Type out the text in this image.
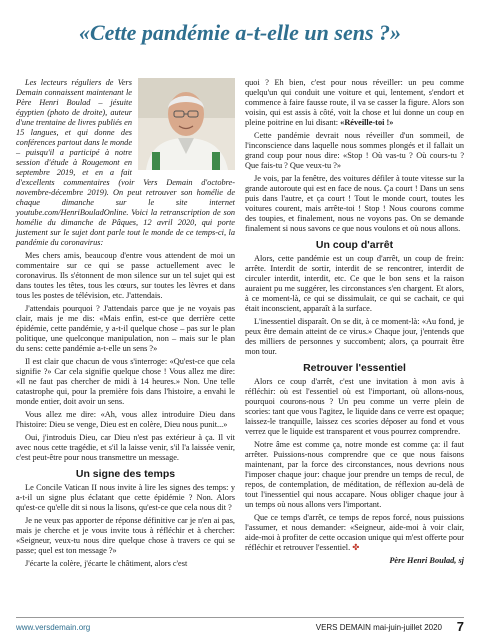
«Cette pandémie a-t-elle un sens ?»

Les lecteurs réguliers de Vers Demain connaissent maintenant le Père Henri Boulad – jésuite égyptien (photo de droite), auteur d'une trentaine de livres publiés en 15 langues, et qui donne des conférences partout dans le monde – puisqu'il a participé à notre session d'étude à Rougemont en septembre 2019, et en a fait d'excellents commentaires (voir Vers Demain d'octobre-novembre-décembre 2019). On peut retrouver son homélie de chaque dimanche sur le site internet youtube.com/HenriBouladOnline. Voici la retranscription de son homélie du dimanche de Pâques, 12 avril 2020, qui porte justement sur le sujet dont parle tout le monde de ce temps-ci, la pandémie du coronavirus:

Mes chers amis, beaucoup d'entre vous attendent de moi un commentaire sur ce qui se passe actuellement avec le coronavirus. Ils s'étonnent de mon silence sur un tel sujet qui est dans toutes les têtes, tous les cœurs, sur toutes les lèvres et dans tous les postes de télévision, etc. J'attendais.

J'attendais pourquoi ? J'attendais parce que je ne voyais pas clair, mais je me dis: «Mais enfin, est-ce que derrière cette épidémie, cette pandémie, y a-t-il quelque chose – pas sur le plan politique, une quelconque manipulation, non – mais sur le plan du sens: cette pandémie a-t-elle un sens ?»

Il est clair que chacun de vous s'interroge: «Qu'est-ce que cela signifie ?» Car cela signifie quelque chose ! Vous allez me dire: «Il ne faut pas chercher de midi à 14 heures.» Non. Une telle catastrophe qui, pour la première fois dans l'histoire, a envahi le monde entier, doit avoir un sens.

Vous allez me dire: «Ah, vous allez introduire Dieu dans l'histoire: Dieu se venge, Dieu est en colère, Dieu nous punit...»

Oui, j'introduis Dieu, car Dieu n'est pas extérieur à ça. Il vit avec nous cette tragédie, et s'il la laisse venir, s'il l'a laissée venir, c'est peut-être pour nous transmettre un message.

Un signe des temps

Le Concile Vatican II nous invite à lire les signes des temps: y a-t-il un signe plus éclatant que cette épidémie ? Non. Alors qu'est-ce qu'elle dit si nous la lisons, qu'est-ce que cela nous dit ?

Je ne veux pas apporter de réponse définitive car je n'en ai pas, mais je cherche et je vous invite tous à réfléchir et à chercher: «Seigneur, veux-tu nous dire quelque chose à travers ce qui se passe; quel est ton message ?»

J'écarte la colère, j'écarte le châtiment, alors c'est

quoi ? Eh bien, c'est pour nous réveiller: un peu comme quelqu'un qui conduit une voiture et qui, lentement, s'endort et commence à faire fausse route, il va se casser la figure. Alors son voisin, qui est assis à côté, voit la chose et lui donne un coup en pleine poitrine en lui disant: «Réveille-toi !»

Cette pandémie devrait nous réveiller d'un sommeil, de l'inconscience dans laquelle nous sommes plongés et il fallait un grand coup pour nous dire: «Stop ! Où vas-tu ? Où cours-tu ? Que fais-tu ? Que veux-tu ?»

Je vois, par la fenêtre, des voitures défiler à toute vitesse sur la grande autoroute qui est en face de nous. Ça court ! Dans un sens puis dans l'autre, et ça court ! Tout le monde court, toutes les voitures courent, mais arrête-toi ! Stop ! Nous courons comme des toupies, et finalement, nous ne voyons pas. On se demande finalement si nous savons ce que nous voulons et où nous allons.

Un coup d'arrêt

Alors, cette pandémie est un coup d'arrêt, un coup de frein: arrête. Interdit de sortir, interdit de se rencontrer, interdit de circuler interdit, interdit, etc. Ce que le bon sens et la raison auraient pu me suggérer, les circonstances s'en chargent. Et alors, à ce moment-là, ce qui se dissimulait, ce qui se cachait, ce qui était inconscient, apparaît à la surface.

L'inessentiel disparaît. On se dit, à ce moment-là: «Au fond, je peux être demain atteint de ce virus.» Chaque jour, j'entends que des milliers de personnes y succombent; alors, ça pourrait être mon tour.

Retrouver l'essentiel

Alors ce coup d'arrêt, c'est une invitation à mon avis à réfléchir: où est l'essentiel où est l'important, où allons-nous, pourquoi courons-nous ? Un peu comme un verre plein de scories: tant que vous l'agitez, le liquide dans ce verre est opaque; laissez-le tranquille, laissez ces scories déposer au fond et vous verrez que le liquide est transparent et vous pourrez comprendre.

Notre âme est comme ça, notre monde est comme ça: il faut arrêter. Puissions-nous comprendre que ce que nous faisons maintenant, par la force des circonstances, nous devrions nous l'imposer chaque jour: chaque jour prendre un temps de recul, de repos, de contemplation, de méditation, de réflexion au-delà de tout l'inessentiel qui nous accapare. Nous obliger chaque jour à un temps où nous allons vers l'important.

Que ce temps d'arrêt, ce temps de repos forcé, nous puissions l'assumer, et nous demander: «Seigneur, aide-moi à voir clair, aide-moi à profiter de cette occasion unique qui m'est offerte pour réfléchir et retrouver l'essentiel. ✤

Père Henri Boulad, sj

www.versdemain.org	VERS DEMAIN mai-juin-juillet 2020 7
